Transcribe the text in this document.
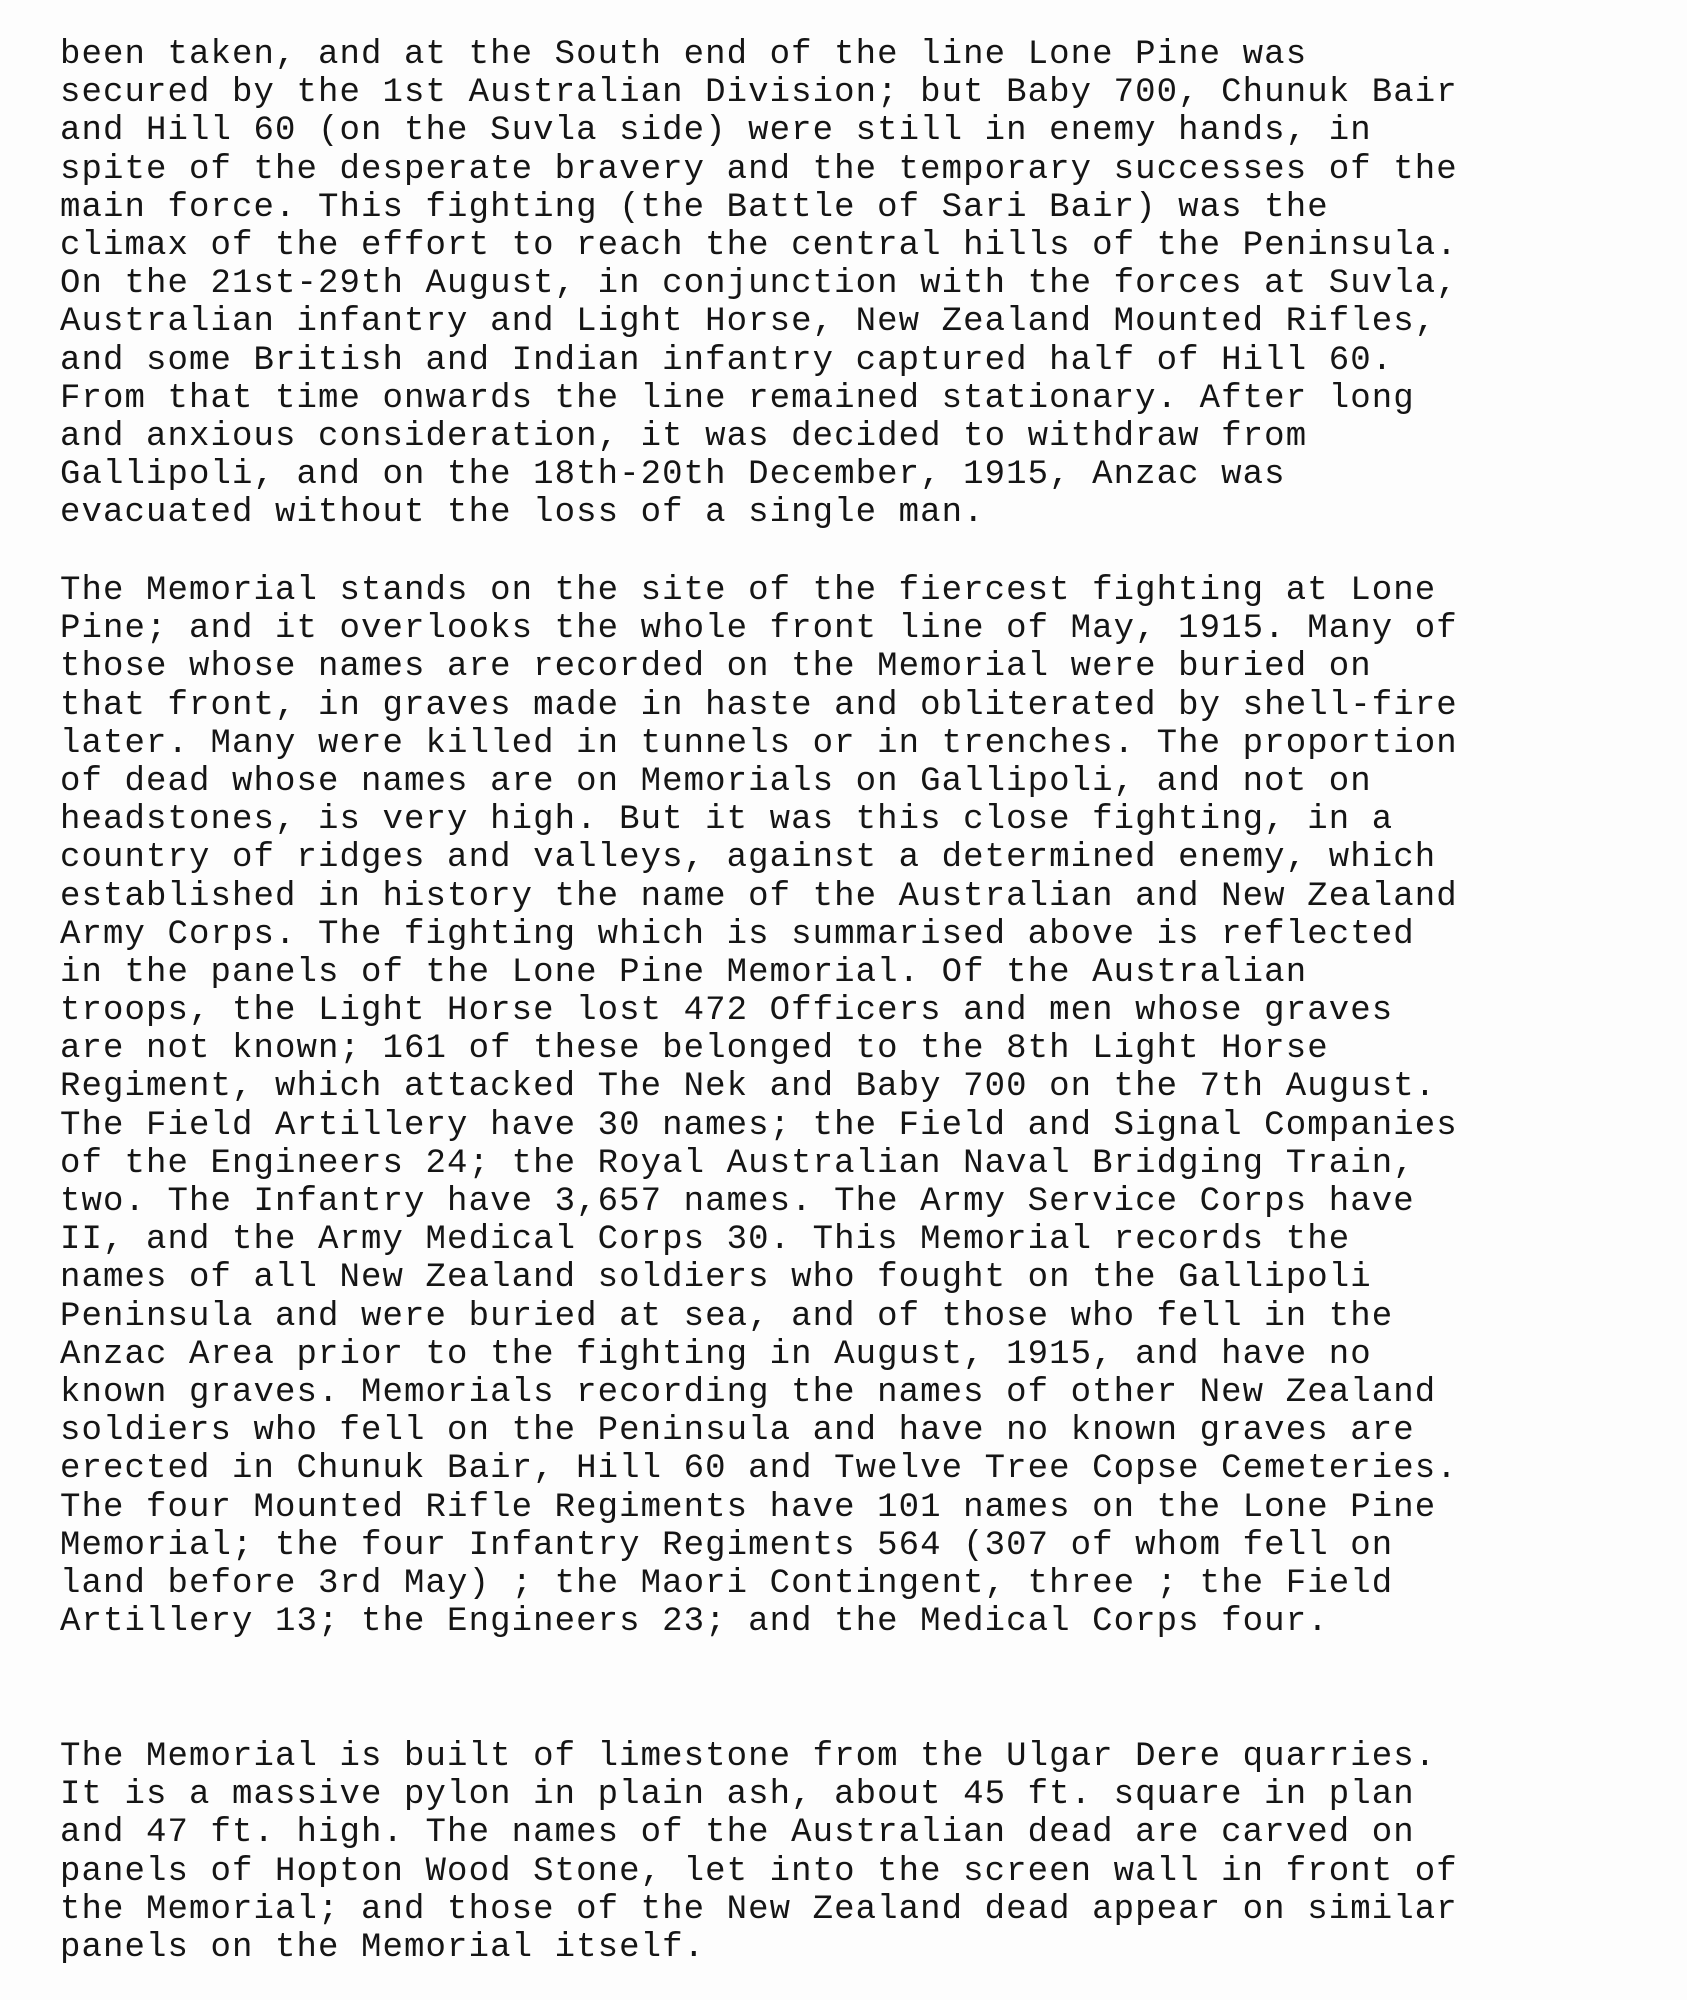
been taken, and at the South end of the line Lone Pine was
secured by the 1st Australian Division; but Baby 700, Chunuk Bair
and Hill 60 (on the Suvla side) were still in enemy hands, in
spite of the desperate bravery and the temporary successes of the
main force. This fighting (the Battle of Sari Bair) was the
climax of the effort to reach the central hills of the Peninsula.
On the 21st-29th August, in conjunction with the forces at Suvla,
Australian infantry and Light Horse, New Zealand Mounted Rifles,
and some British and Indian infantry captured half of Hill 60.
From that time onwards the line remained stationary. After long
and anxious consideration, it was decided to withdraw from
Gallipoli, and on the 18th-20th December, 1915, Anzac was
evacuated without the loss of a single man.
The Memorial stands on the site of the fiercest fighting at Lone
Pine; and it overlooks the whole front line of May, 1915. Many of
those whose names are recorded on the Memorial were buried on
that front, in graves made in haste and obliterated by shell-fire
later. Many were killed in tunnels or in trenches. The proportion
of dead whose names are on Memorials on Gallipoli, and not on
headstones, is very high. But it was this close fighting, in a
country of ridges and valleys, against a determined enemy, which
established in history the name of the Australian and New Zealand
Army Corps. The fighting which is summarised above is reflected
in the panels of the Lone Pine Memorial. Of the Australian
troops, the Light Horse lost 472 Officers and men whose graves
are not known; 161 of these belonged to the 8th Light Horse
Regiment, which attacked The Nek and Baby 700 on the 7th August.
The Field Artillery have 30 names; the Field and Signal Companies
of the Engineers 24; the Royal Australian Naval Bridging Train,
two. The Infantry have 3,657 names. The Army Service Corps have
II, and the Army Medical Corps 30. This Memorial records the
names of all New Zealand soldiers who fought on the Gallipoli
Peninsula and were buried at sea, and of those who fell in the
Anzac Area prior to the fighting in August, 1915, and have no
known graves. Memorials recording the names of other New Zealand
soldiers who fell on the Peninsula and have no known graves are
erected in Chunuk Bair, Hill 60 and Twelve Tree Copse Cemeteries.
The four Mounted Rifle Regiments have 101 names on the Lone Pine
Memorial; the four Infantry Regiments 564 (307 of whom fell on
land before 3rd May) ; the Maori Contingent, three ; the Field
Artillery 13; the Engineers 23; and the Medical Corps four.
The Memorial is built of limestone from the Ulgar Dere quarries.
It is a massive pylon in plain ash, about 45 ft. square in plan
and 47 ft. high. The names of the Australian dead are carved on
panels of Hopton Wood Stone, let into the screen wall in front of
the Memorial; and those of the New Zealand dead appear on similar
panels on the Memorial itself.
